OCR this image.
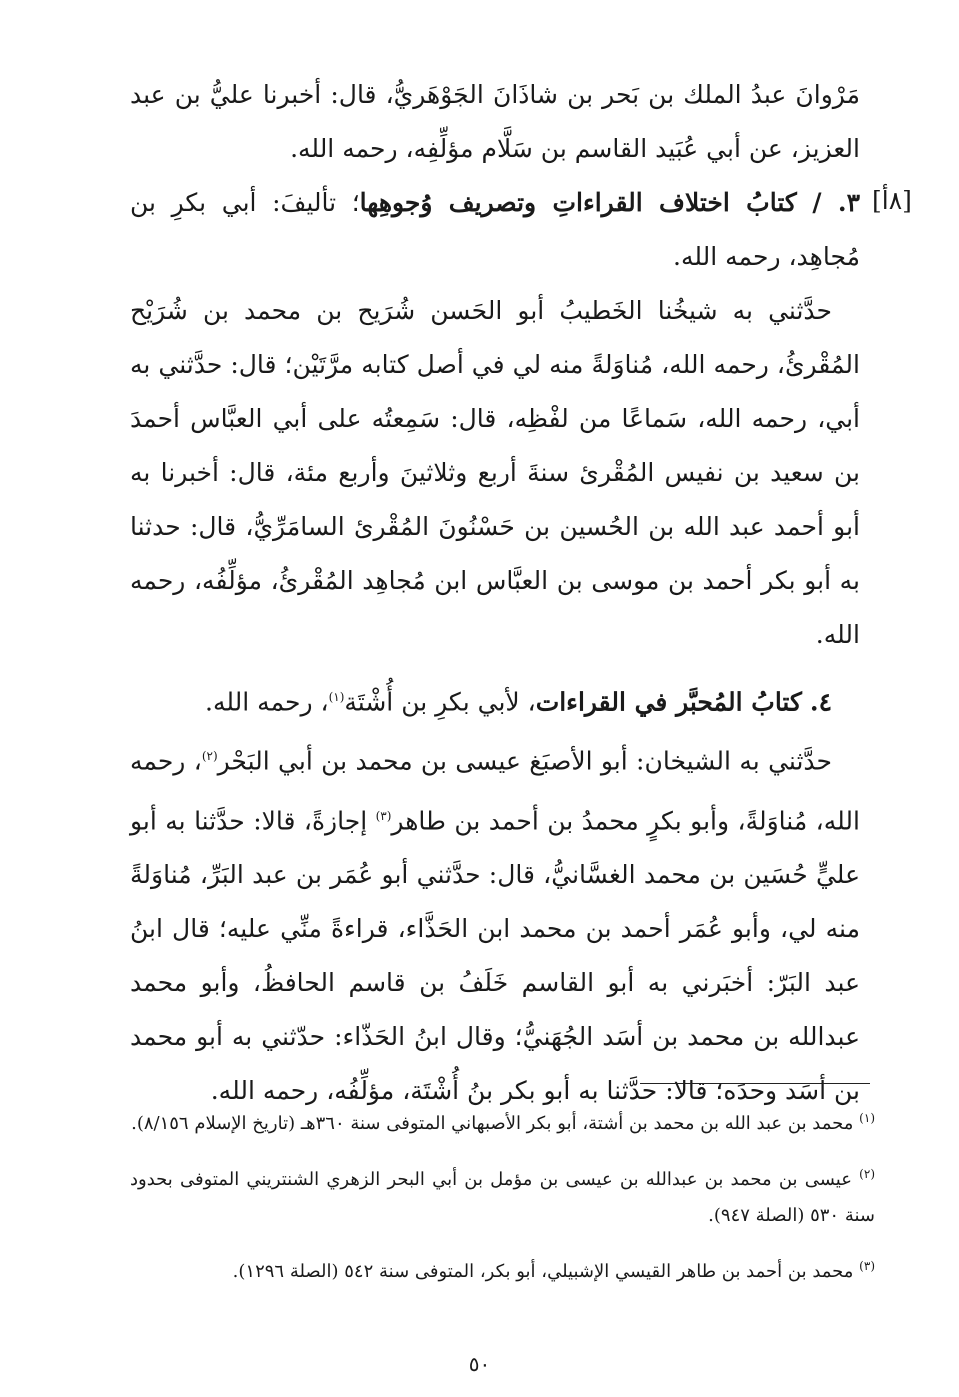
[٨أ]

مَرْوانَ عبدُ الملك بن بَحر بن شاذَانَ الجَوْهَريُّ، قال: أخبرنا عليُّ بن عبد العزيز، عن أبي عُبَيد القاسم بن سَلَّام مؤلِّفِه، رحمه الله.

٣. / كتابُ اختلاف القراءاتِ وتصريف وُجوهِها؛ تأليفَ: أبي بكرِ بن مُجاهِد، رحمه الله.

حدَّثني به شيخُنا الخَطيبُ أبو الحَسن شُرَيح بن محمد بن شُرَيْح المُقْرئُ، رحمه الله، مُناوَلةً منه لي في أصل كتابه مرَّتَيْن؛ قال: حدَّثني به أبي، رحمه الله، سَماعًا من لفْظِه، قال: سَمِعتُه على أبي العبَّاس أحمدَ بن سعيد بن نفيس المُقْرئ سنةَ أربع وثلاثينَ وأربع مئة، قال: أخبرنا به أبو أحمد عبد الله بن الحُسين بن حَسْنُونَ المُقْرئ السامَرِّيُّ، قال: حدثنا به أبو بكر أحمد بن موسى بن العبَّاس ابن مُجاهِد المُقْرئُ، مؤلِّفُه، رحمه الله.

٤. كتابُ المُحبَّر في القراءات، لأبي بكرِ بن أُشْتَة$^{(١)}$، رحمه الله.

حدَّثني به الشيخان: أبو الأصبَغ عيسى بن محمد بن أبي البَحْر$^{(٢)}$، رحمه الله، مُناوَلةً، وأبو بكرٍ محمدُ بن أحمد بن طاهر$^{(٣)}$ إجازةً، قالا: حدَّثنا به أبو عليٍّ حُسَين بن محمد الغسَّانيُّ، قال: حدَّثني أبو عُمَر بن عبد البَرِّ، مُناوَلةً منه لي، وأبو عُمَر أحمد بن محمد ابن الحَذَّاء، قراءةً منِّي عليه؛ قال ابنُ عبد البَرّ: أخبَرني به أبو القاسم خَلَفُ بن قاسم الحافظُ، وأبو محمد عبدالله بن محمد بن أسَد الجُهَنيُّ؛ وقال ابنُ الحَذّاء: حدّثني به أبو محمد بن أسَد وحدَه؛ قالا: حدَّثنا به أبو بكر بنُ أُشْتَة، مؤلِّفُه، رحمه الله.

$^{(١)}$ محمد بن عبد الله بن محمد بن أشتة، أبو بكر الأصبهاني المتوفى سنة ٣٦٠هـ (تاريخ الإسلام ٨/١٥٦).

$^{(٢)}$ عيسى بن محمد بن عبدالله بن عيسى بن مؤمل بن أبي البحر الزهري الشنتريني المتوفى بحدود سنة ٥٣٠ (الصلة ٩٤٧).

$^{(٣)}$ محمد بن أحمد بن طاهر القيسي الإشبيلي، أبو بكر، المتوفى سنة ٥٤٢ (الصلة ١٢٩٦).

٥٠
